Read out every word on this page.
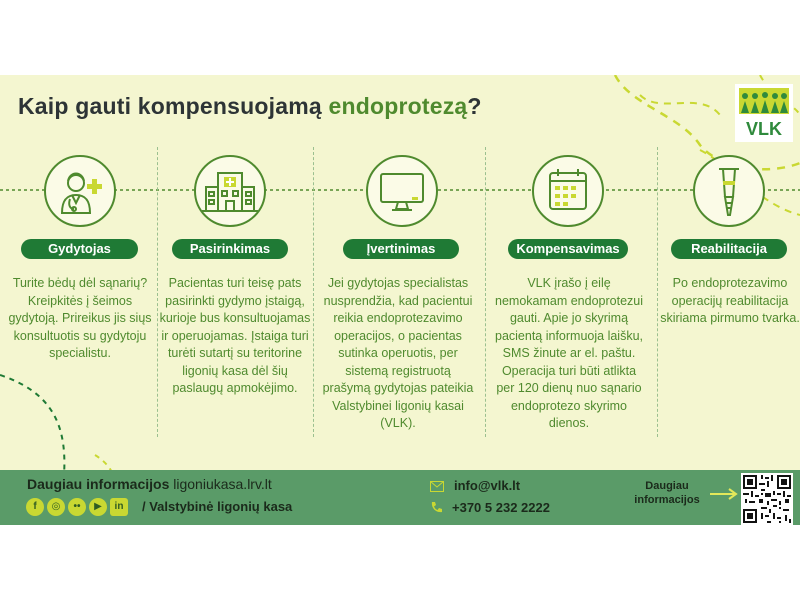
Kaip gauti kompensuojamą endoprotezą?
VLK
Gydytojas

Turite bėdų dėl sąnarių? Kreipkitės į šeimos gydytoją. Prireikus jis siųs konsultuotis su gydytoju specialistu.

Pasirinkimas

Pacientas turi teisę pats pasirinkti gydymo įstaigą, kurioje bus konsultuojamas ir operuojamas. Įstaiga turi turėti sutartį su teritorine ligonių kasa dėl šių paslaugų apmokėjimo.

Įvertinimas

Jei gydytojas specialistas nusprendžia, kad pacientui reikia endoprotezavimo operacijos, o pacientas sutinka operuotis, per sistemą registruotą prašymą gydytojas pateikia Valstybinei ligonių kasai (VLK).

Kompensavimas

VLK įrašo į eilę nemokamam endoprotezui gauti. Apie jo skyrimą pacientą informuoja laišku, SMS žinute ar el. paštu. Operacija turi būti atlikta per 120 dienų nuo sąnario endoprotezo skyrimo dienos.

Reabilitacija

Po endoprotezavimo operacijų reabilitacija skiriama pirmumo tvarka.

Daugiau informacijos ligoniukasa.lrv.lt
f ◎ •• ▶ in	/ Valstybinė ligonių kasa
info@vlk.lt
+370 5 232 2222
Daugiau
informacijos
